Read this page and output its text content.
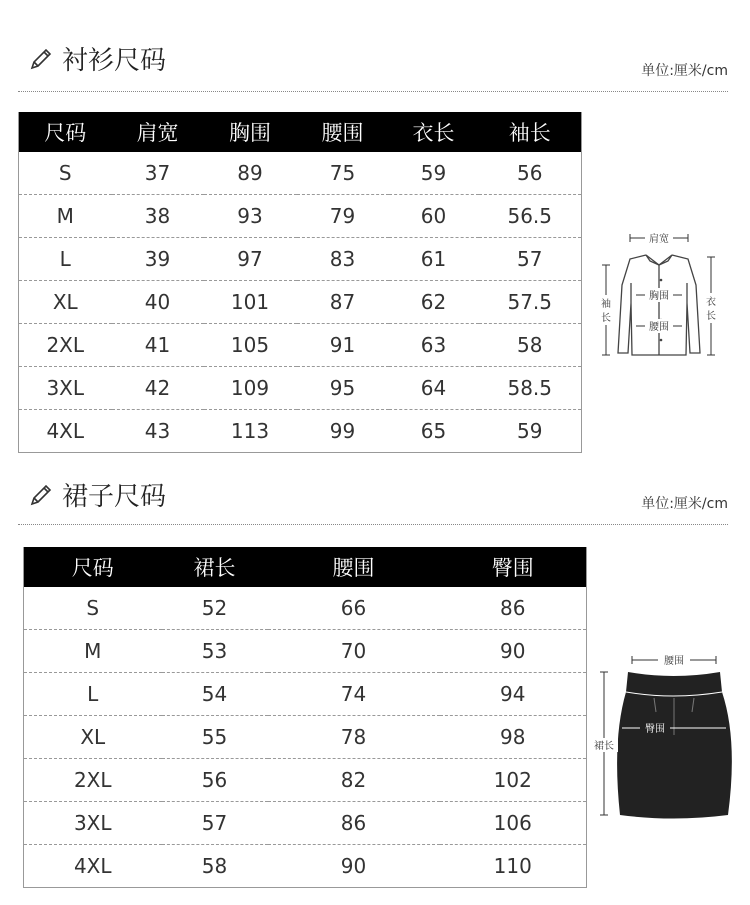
衬衫尺码	单位:厘米/cm
尺码	肩宽	胸围	腰围	衣长	袖长
S	37	89	75	59	56
M	38	93	79	60	56.5
L	39	97	83	61	57
XL	40	101	87	62	57.5
2XL	41	105	91	63	58
3XL	42	109	95	64	58.5
4XL	43	113	99	65	59
肩宽
胸围
腰围
袖
长
衣
长
裙子尺码	单位:厘米/cm
尺码	裙长	腰围	臀围
S	52	66	86
M	53	70	90
L	54	74	94
XL	55	78	98
2XL	56	82	102
3XL	57	86	106
4XL	58	90	110
腰围
臀围
裙长
